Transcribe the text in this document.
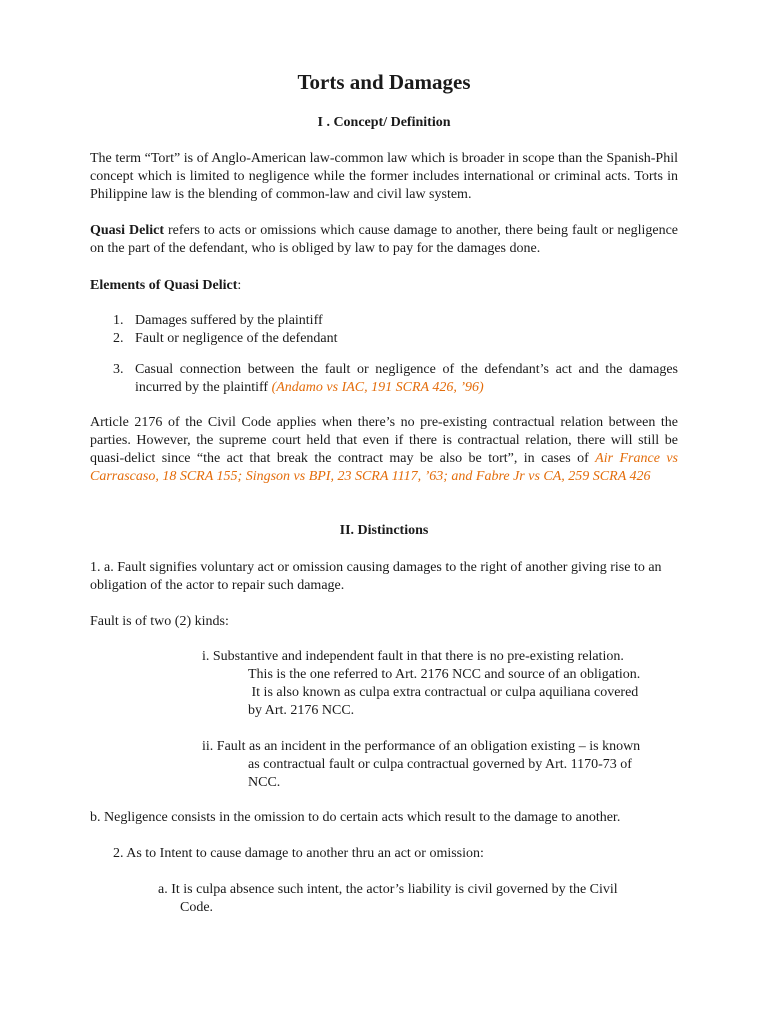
Torts and Damages
I . Concept/ Definition
The term “Tort” is of Anglo-American law-common law which is broader in scope than the Spanish-Phil concept which is limited to negligence while the former includes international or criminal acts. Torts in Philippine law is the blending of common-law and civil law system.
Quasi Delict refers to acts or omissions which cause damage to another, there being fault or negligence on the part of the defendant, who is obliged by law to pay for the damages done.
Elements of Quasi Delict:
1. Damages suffered by the plaintiff
2. Fault or negligence of the defendant
3. Casual connection between the fault or negligence of the defendant’s act and the damages incurred by the plaintiff (Andamo vs IAC, 191 SCRA 426, ’96)
Article 2176 of the Civil Code applies when there’s no pre-existing contractual relation between the parties. However, the supreme court held that even if there is contractual relation, there will still be quasi-delict since “the act that break the contract may be also be tort”, in cases of Air France vs Carrascaso, 18 SCRA 155; Singson vs BPI, 23 SCRA 1117, ’63; and Fabre Jr vs CA, 259 SCRA 426
II. Distinctions
1. a. Fault signifies voluntary act or omission causing damages to the right of another giving rise to an obligation of the actor to repair such damage.
Fault is of two (2) kinds:
i. Substantive and independent fault in that there is no pre-existing relation.
This is the one referred to Art. 2176 NCC and source of an obligation.
It is also known as culpa extra contractual or culpa aquiliana covered
by Art. 2176 NCC.
ii. Fault as an incident in the performance of an obligation existing – is known
as contractual fault or culpa contractual governed by Art. 1170-73 of
NCC.
b. Negligence consists in the omission to do certain acts which result to the damage to another.
2. As to Intent to cause damage to another thru an act or omission:
a. It is culpa absence such intent, the actor’s liability is civil governed by the Civil
Code.
